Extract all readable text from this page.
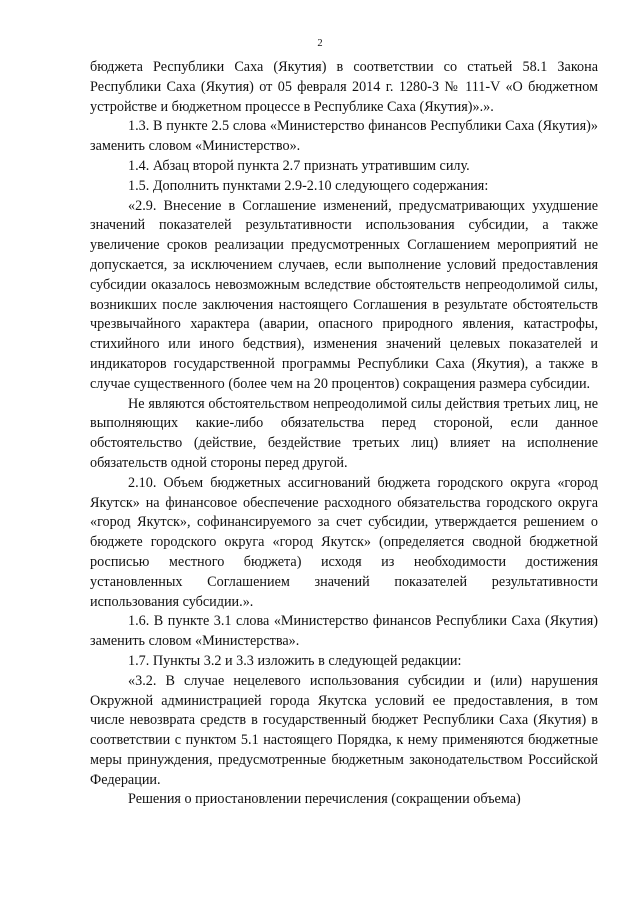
2

бюджета Республики Саха (Якутия) в соответствии со статьей 58.1 Закона Республики Саха (Якутия) от 05 февраля 2014 г. 1280-З № 111-V «О бюджетном устройстве и бюджетном процессе в Республике Саха (Якутия)».».

1.3. В пункте 2.5 слова «Министерство финансов Республики Саха (Якутия)» заменить словом «Министерство».

1.4. Абзац второй пункта 2.7 признать утратившим силу.

1.5. Дополнить пунктами 2.9-2.10 следующего содержания:

«2.9. Внесение в Соглашение изменений, предусматривающих ухудшение значений показателей результативности использования субсидии, а также увеличение сроков реализации предусмотренных Соглашением мероприятий не допускается, за исключением случаев, если выполнение условий предоставления субсидии оказалось невозможным вследствие обстоятельств непреодолимой силы, возникших после заключения настоящего Соглашения в результате обстоятельств чрезвычайного характера (аварии, опасного природного явления, катастрофы, стихийного или иного бедствия), изменения значений целевых показателей и индикаторов государственной программы Республики Саха (Якутия), а также в случае существенного (более чем на 20 процентов) сокращения размера субсидии.

Не являются обстоятельством непреодолимой силы действия третьих лиц, не выполняющих какие-либо обязательства перед стороной, если данное обстоятельство (действие, бездействие третьих лиц) влияет на исполнение обязательств одной стороны перед другой.

2.10. Объем бюджетных ассигнований бюджета городского округа «город Якутск» на финансовое обеспечение расходного обязательства городского округа «город Якутск», софинансируемого за счет субсидии, утверждается решением о бюджете городского округа «город Якутск» (определяется сводной бюджетной росписью местного бюджета) исходя из необходимости достижения установленных Соглашением значений показателей результативности использования субсидии.».

1.6. В пункте 3.1 слова «Министерство финансов Республики Саха (Якутия) заменить словом «Министерства».

1.7. Пункты 3.2 и 3.3 изложить в следующей редакции:

«3.2. В случае нецелевого использования субсидии и (или) нарушения Окружной администрацией города Якутска условий ее предоставления, в том числе невозврата средств в государственный бюджет Республики Саха (Якутия) в соответствии с пунктом 5.1 настоящего Порядка, к нему применяются бюджетные меры принуждения, предусмотренные бюджетным законодательством Российской Федерации.

Решения о приостановлении перечисления (сокращении объема)
